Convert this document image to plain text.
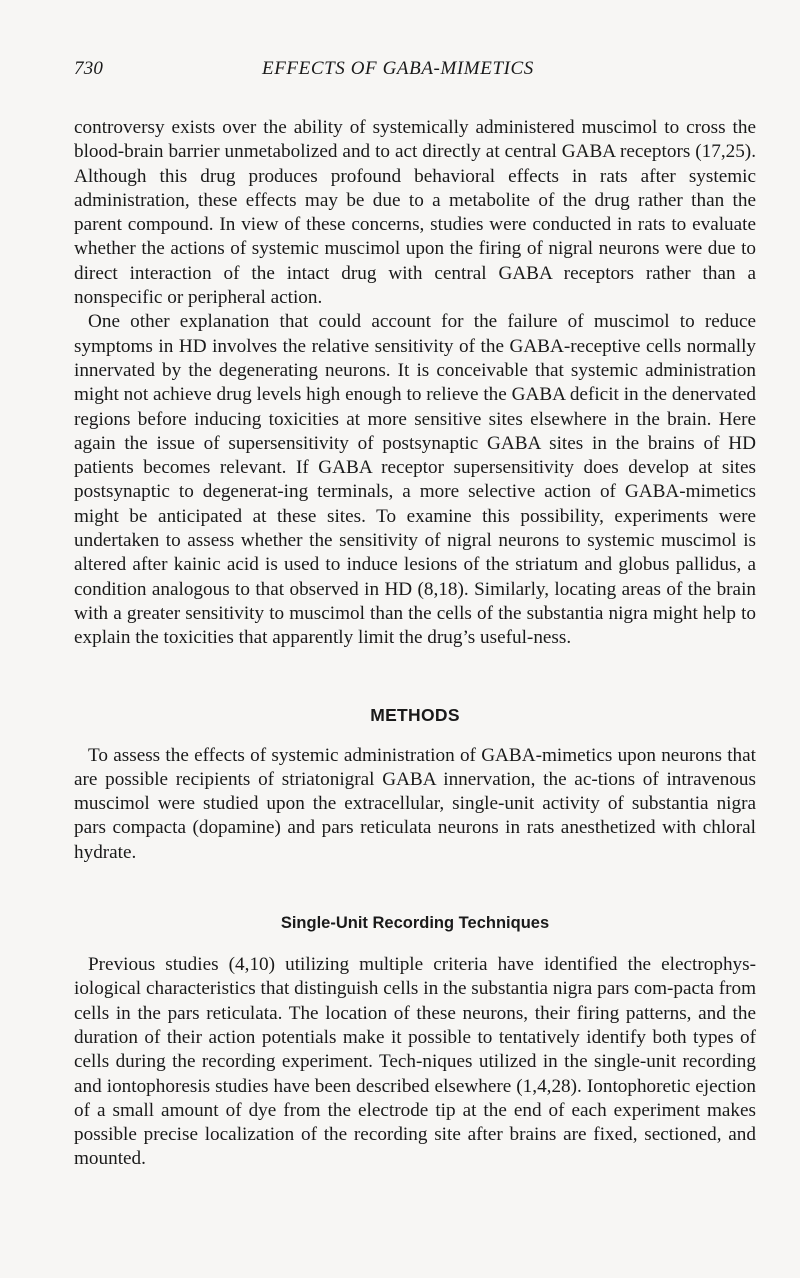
730	EFFECTS OF GABA-MIMETICS

controversy exists over the ability of systemically administered muscimol to cross the blood-brain barrier unmetabolized and to act directly at central GABA receptors (17,25). Although this drug produces profound behavioral effects in rats after systemic administration, these effects may be due to a metabolite of the drug rather than the parent compound. In view of these concerns, studies were conducted in rats to evaluate whether the actions of systemic muscimol upon the firing of nigral neurons were due to direct interaction of the intact drug with central GABA receptors rather than a nonspecific or peripheral action.

One other explanation that could account for the failure of muscimol to reduce symptoms in HD involves the relative sensitivity of the GABA-receptive cells normally innervated by the degenerating neurons. It is conceivable that systemic administration might not achieve drug levels high enough to relieve the GABA deficit in the denervated regions before inducing toxicities at more sensitive sites elsewhere in the brain. Here again the issue of supersensitivity of postsynaptic GABA sites in the brains of HD patients becomes relevant. If GABA receptor supersensitivity does develop at sites postsynaptic to degenerat-ing terminals, a more selective action of GABA-mimetics might be anticipated at these sites. To examine this possibility, experiments were undertaken to assess whether the sensitivity of nigral neurons to systemic muscimol is altered after kainic acid is used to induce lesions of the striatum and globus pallidus, a condition analogous to that observed in HD (8,18). Similarly, locating areas of the brain with a greater sensitivity to muscimol than the cells of the substantia nigra might help to explain the toxicities that apparently limit the drug’s useful-ness.

METHODS

To assess the effects of systemic administration of GABA-mimetics upon neurons that are possible recipients of striatonigral GABA innervation, the ac-tions of intravenous muscimol were studied upon the extracellular, single-unit activity of substantia nigra pars compacta (dopamine) and pars reticulata neurons in rats anesthetized with chloral hydrate.

Single-Unit Recording Techniques

Previous studies (4,10) utilizing multiple criteria have identified the electrophys-iological characteristics that distinguish cells in the substantia nigra pars com-pacta from cells in the pars reticulata. The location of these neurons, their firing patterns, and the duration of their action potentials make it possible to tentatively identify both types of cells during the recording experiment. Tech-niques utilized in the single-unit recording and iontophoresis studies have been described elsewhere (1,4,28). Iontophoretic ejection of a small amount of dye from the electrode tip at the end of each experiment makes possible precise localization of the recording site after brains are fixed, sectioned, and mounted.
